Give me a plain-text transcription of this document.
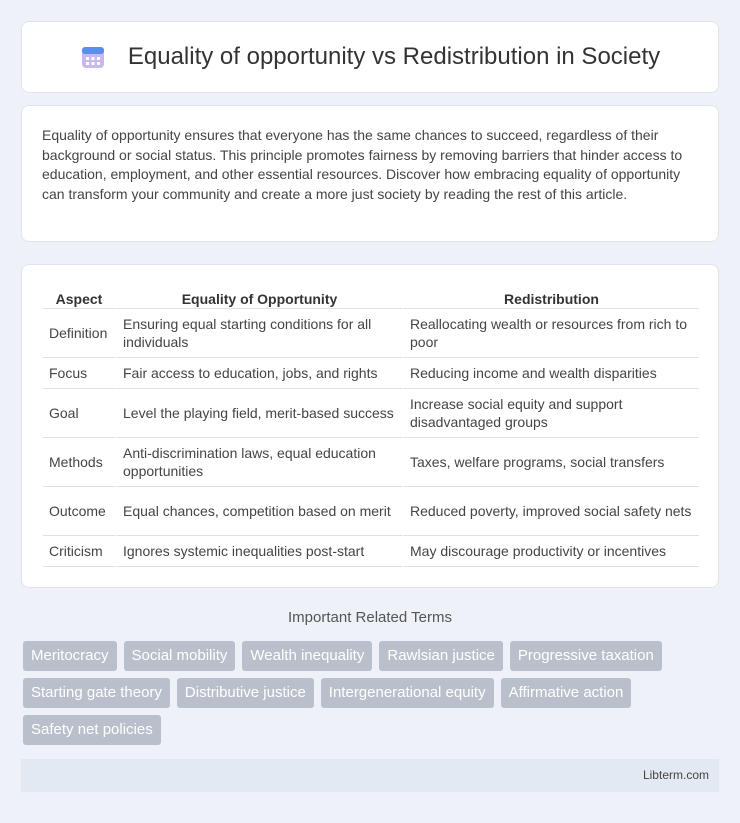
Equality of opportunity vs Redistribution in Society

Equality of opportunity ensures that everyone has the same chances to succeed, regardless of their background or social status. This principle promotes fairness by removing barriers that hinder access to education, employment, and other essential resources. Discover how embracing equality of opportunity can transform your community and create a more just society by reading the rest of this article.

Aspect	Equality of Opportunity	Redistribution
Definition	Ensuring equal starting conditions for all individuals	Reallocating wealth or resources from rich to poor
Focus	Fair access to education, jobs, and rights	Reducing income and wealth disparities
Goal	Level the playing field, merit-based success	Increase social equity and support disadvantaged groups
Methods	Anti-discrimination laws, equal education opportunities	Taxes, welfare programs, social transfers
Outcome	Equal chances, competition based on merit	Reduced poverty, improved social safety nets
Criticism	Ignores systemic inequalities post-start	May discourage productivity or incentives
Important Related Terms
Meritocracy	Social mobility	Wealth inequality	Rawlsian justice	Progressive taxation
Starting gate theory	Distributive justice	Intergenerational equity	Affirmative action
Safety net policies
Libterm.com
